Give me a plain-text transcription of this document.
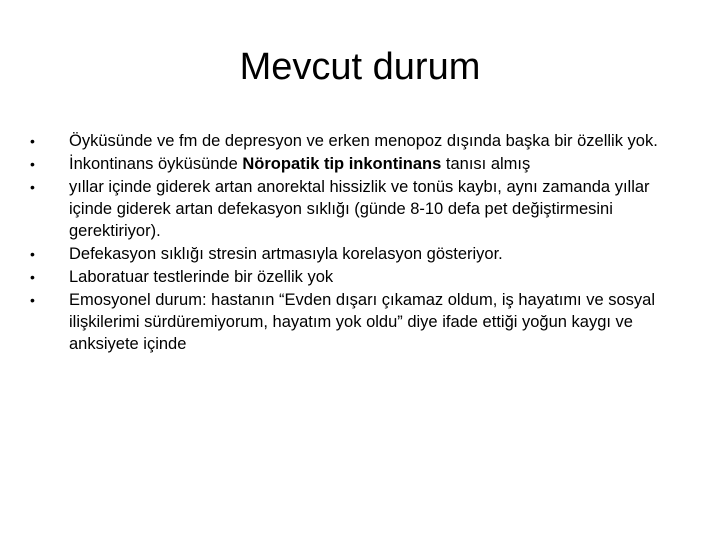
Mevcut durum
•	Öyküsünde ve fm de depresyon ve erken menopoz dışında başka bir özellik yok.
•	İnkontinans öyküsünde Nöropatik tip inkontinans tanısı almış
•	yıllar içinde giderek artan anorektal hissizlik ve tonüs kaybı, aynı zamanda yıllar içinde giderek artan defekasyon sıklığı (günde 8-10 defa pet değiştirmesini gerektiriyor).
•	Defekasyon sıklığı stresin artmasıyla korelasyon gösteriyor.
•	Laboratuar testlerinde bir özellik yok
•	Emosyonel durum: hastanın “Evden dışarı çıkamaz oldum, iş hayatımı ve sosyal ilişkilerimi sürdüremiyorum, hayatım yok oldu” diye ifade ettiği yoğun kaygı ve anksiyete içinde
